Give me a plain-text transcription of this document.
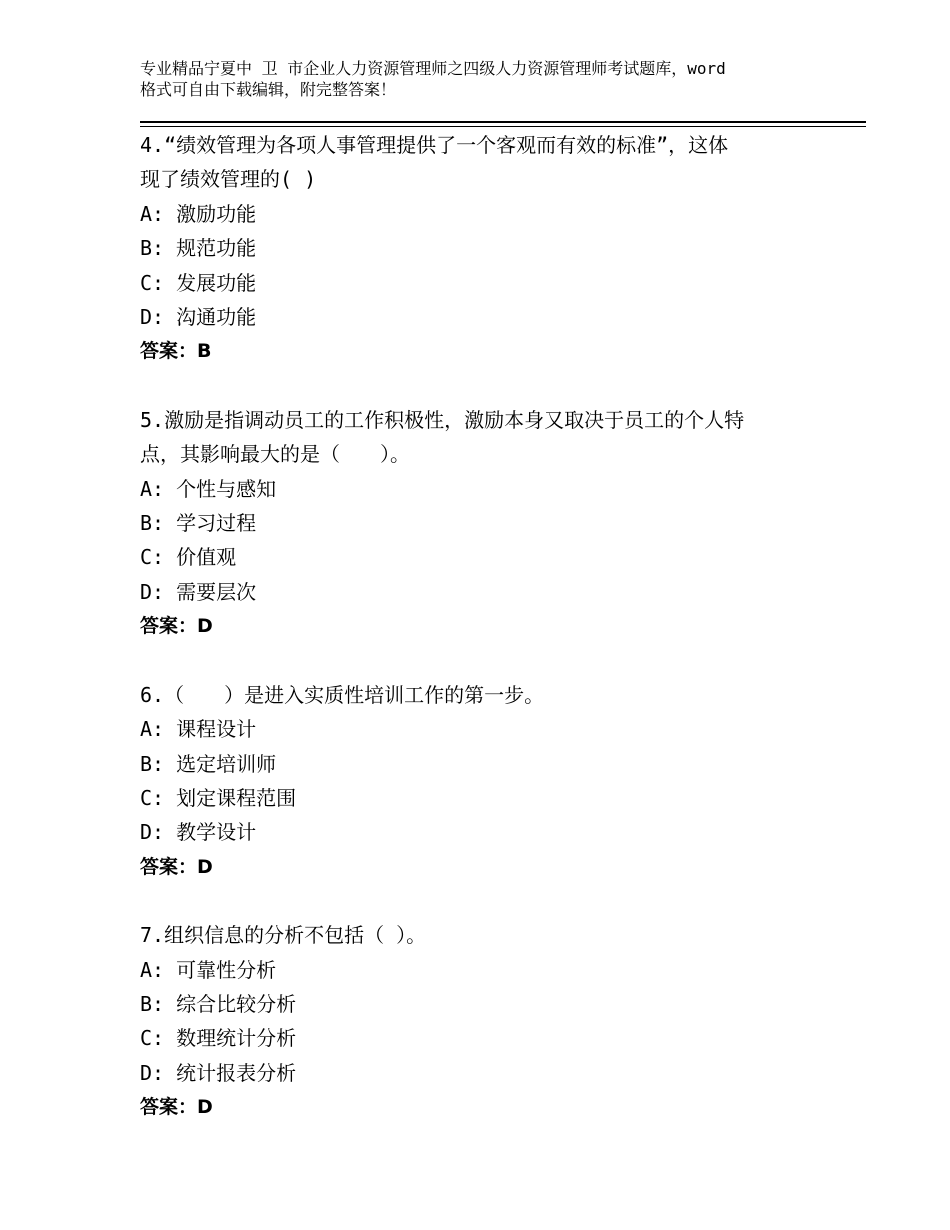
专业精品宁夏中 卫 市企业人力资源管理师之四级人力资源管理师考试题库，word
格式可自由下载编辑，附完整答案！
4.“绩效管理为各项人事管理提供了一个客观而有效的标准”，这体
现了绩效管理的( )
A: 激励功能
B: 规范功能
C: 发展功能
D: 沟通功能
答案：B
5.激励是指调动员工的工作积极性，激励本身又取决于员工的个人特
点，其影响最大的是（　　）。
A: 个性与感知
B: 学习过程
C: 价值观
D: 需要层次
答案：D
6.（　　）是进入实质性培训工作的第一步。
A: 课程设计
B: 选定培训师
C: 划定课程范围
D: 教学设计
答案：D
7.组织信息的分析不包括（ ）。
A: 可靠性分析
B: 综合比较分析
C: 数理统计分析
D: 统计报表分析
答案：D
